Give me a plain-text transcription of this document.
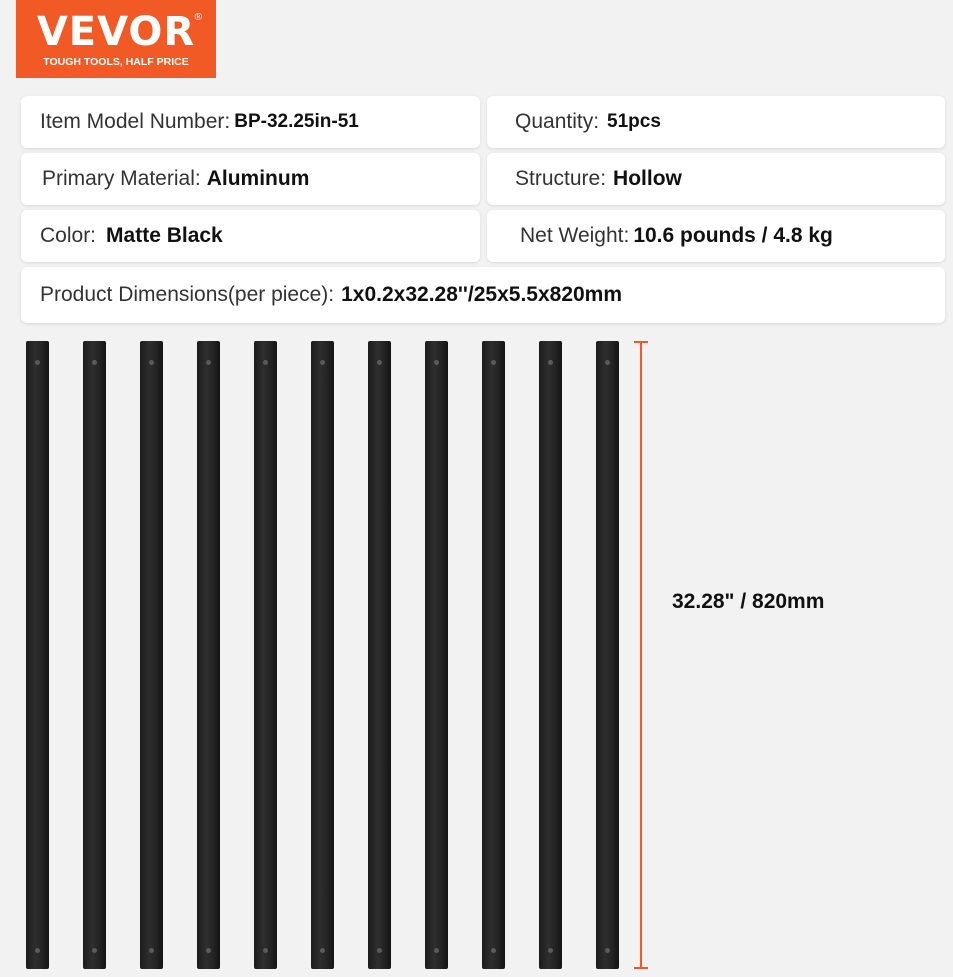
VEVOR ®
TOUGH TOOLS, HALF PRICE
Item Model Number: BP-32.25in-51	Quantity: 51pcs
Primary Material: Aluminum	Structure: Hollow
Color: Matte Black	Net Weight: 10.6 pounds / 4.8 kg
Product Dimensions(per piece): 1x0.2x32.28''/25x5.5x820mm
32.28" / 820mm
